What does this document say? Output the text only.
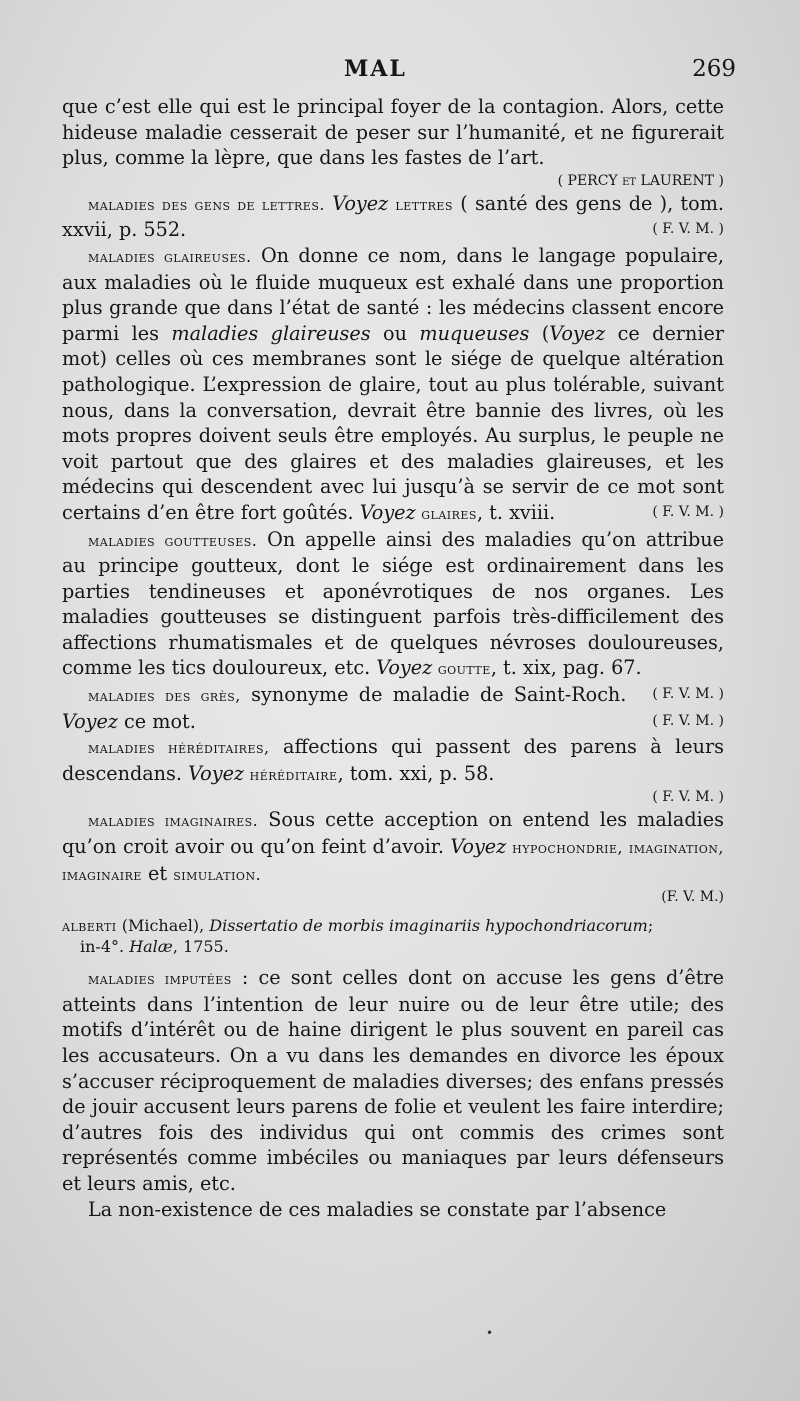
MAL	269

que c’est elle qui est le principal foyer de la contagion. Alors, cette hideuse maladie cesserait de peser sur l’humanité, et ne figurerait plus, comme la lèpre, que dans les fastes de l’art.

( PERCY et LAURENT )

maladies des gens de lettres. Voyez lettres ( santé des gens de ), tom. xxvii, p. 552.	( F. V. M. )

maladies glaireuses. On donne ce nom, dans le langage populaire, aux maladies où le fluide muqueux est exhalé dans une proportion plus grande que dans l’état de santé : les médecins classent encore parmi les maladies glaireuses ou muqueuses (Voyez ce dernier mot) celles où ces membranes sont le siége de quelque altération pathologique. L’expression de glaire, tout au plus tolérable, suivant nous, dans la conversation, devrait être bannie des livres, où les mots propres doivent seuls être employés. Au surplus, le peuple ne voit partout que des glaires et des maladies glaireuses, et les médecins qui descendent avec lui jusqu’à se servir de ce mot sont certains d’en être fort goûtés. Voyez glaires, t. xviii.	( F. V. M. )

maladies goutteuses. On appelle ainsi des maladies qu’on attribue au principe goutteux, dont le siége est ordinairement dans les parties tendineuses et aponévrotiques de nos organes. Les maladies goutteuses se distinguent parfois très-difficilement des affections rhumatismales et de quelques névroses douloureuses, comme les tics douloureux, etc. Voyez goutte, t. xix, pag. 67.
( F. V. M. )

maladies des grès, synonyme de maladie de Saint-Roch. Voyez ce mot.	( F. V. M. )

maladies héréditaires, affections qui passent des parens à leurs descendans. Voyez héréditaire, tom. xxi, p. 58.

( F. V. M. )

maladies imaginaires. Sous cette acception on entend les maladies qu’on croit avoir ou qu’on feint d’avoir. Voyez hypochondrie, imagination, imaginaire et simulation.

(F. V. M.)

alberti (Michael), Dissertatio de morbis imaginariis hypochondriacorum;
in-4°. Halæ, 1755.

maladies imputées : ce sont celles dont on accuse les gens d’être atteints dans l’intention de leur nuire ou de leur être utile; des motifs d’intérêt ou de haine dirigent le plus souvent en pareil cas les accusateurs. On a vu dans les demandes en divorce les époux s’accuser réciproquement de maladies diverses; des enfans pressés de jouir accusent leurs parens de folie et veulent les faire interdire; d’autres fois des individus qui ont commis des crimes sont représentés comme imbéciles ou maniaques par leurs défenseurs et leurs amis, etc.

La non-existence de ces maladies se constate par l’absence

•
